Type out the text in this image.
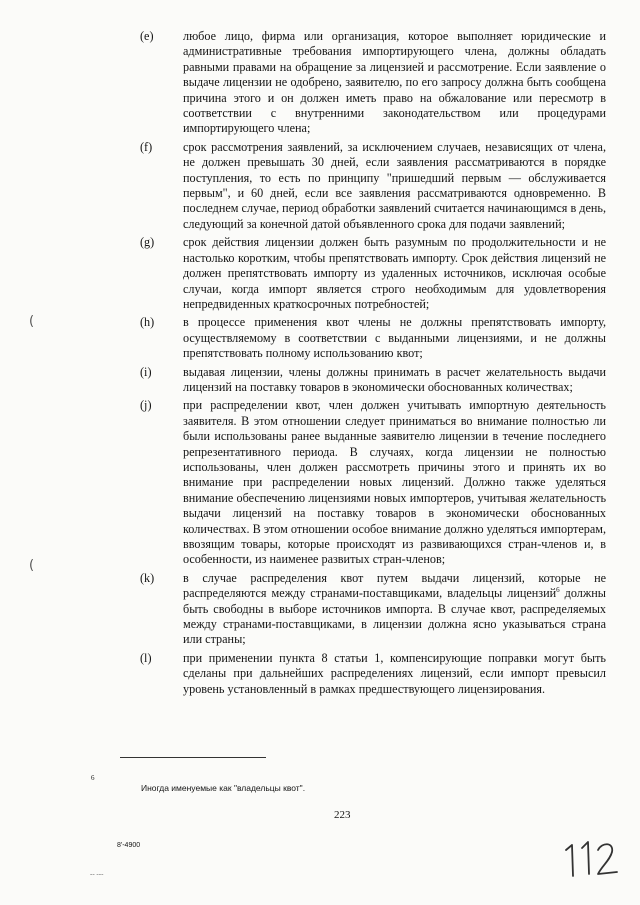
(e) любое лицо, фирма или организация, которое выполняет юридические и административные требования импортирующего члена, должны обладать равными правами на обращение за лицензией и рассмотрение. Если заявление о выдаче лицензии не одобрено, заявителю, по его запросу должна быть сообщена причина этого и он должен иметь право на обжалование или пересмотр в соответствии с внутренними законодательством или процедурами импортирующего члена;
(f)	срок рассмотрения заявлений, за исключением случаев, независящих от члена, не должен превышать 30 дней, если заявления рассматриваются в порядке поступления, то есть по принципу "пришедший первым — обслуживается первым", и 60 дней, если все заявления рассматриваются одновременно. В последнем случае, период обработки заявлений считается начинающимся в день, следующий за конечной датой объявленного срока для подачи заявлений;
(g) срок действия лицензии должен быть разумным по продолжительности и не настолько коротким, чтобы препятствовать импорту. Срок действия лицензий не должен препятствовать импорту из удаленных источников, исключая особые случаи, когда импорт является строго необходимым для удовлетворения непредвиденных краткосрочных потребностей;
(h) в процессе применения квот члены не должны препятствовать импорту, осуществляемому в соответствии с выданными лицензиями, и не должны препятствовать полному использованию квот;
(i)	выдавая лицензии, члены должны принимать в расчет желательность выдачи лицензий на поставку товаров в экономически обоснованных количествах;
(j)	при распределении квот, член должен учитывать импортную деятельность заявителя. В этом отношении следует приниматься во внимание полностью ли были использованы ранее выданные заявителю лицензии в течение последнего репрезентативного периода. В случаях, когда лицензии не полностью использованы, член должен рассмотреть причины этого и принять их во внимание при распределении новых лицензий. Должно также уделяться внимание обеспечению лицензиями новых импортеров, учитывая желательность выдачи лицензий на поставку товаров в экономически обоснованных количествах. В этом отношении особое внимание должно уделяться импортерам, ввозящим товары, которые происходят из развивающихся стран-членов и, в особенности, из наименее развитых стран-членов;
(k) в случае распределения квот путем выдачи лицензий, которые не распределяются между странами-поставщиками, владельцы лицензий$^6$ должны быть свободны в выборе источников импорта. В случае квот, распределяемых между странами-поставщиками, в лицензии должна ясно указываться страна или страны;
(l)	при применении пункта 8 статьи 1, компенсирующие поправки могут быть сделаны при дальнейших распределениях лицензий, если импорт превысил уровень установленный в рамках предшествующего лицензирования.
(
(
6
Иногда именуемые как "владельцы квот".
223
8'-4900
-- ---
